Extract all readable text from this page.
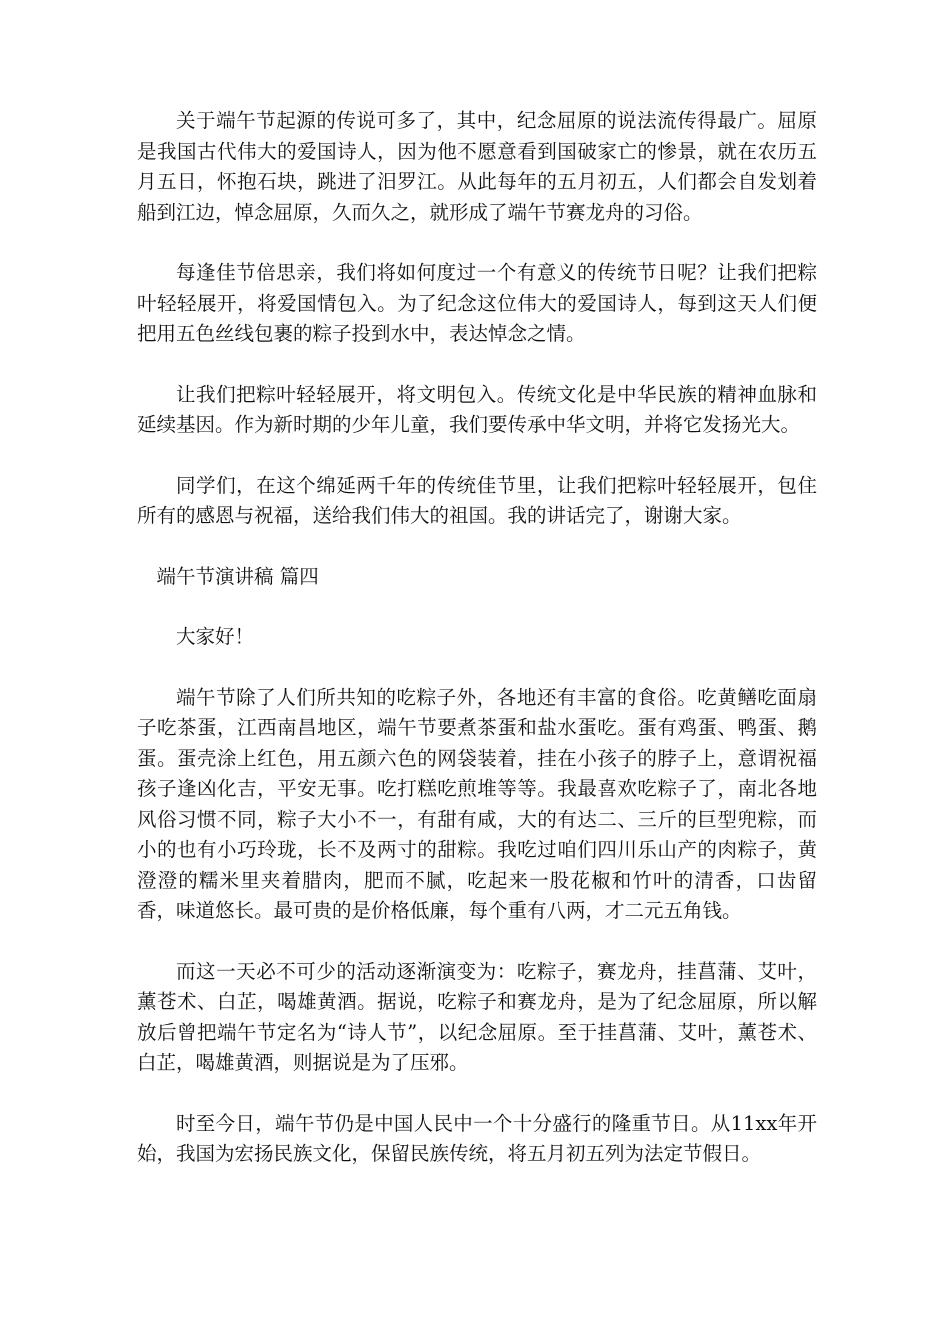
关于端午节起源的传说可多了，其中，纪念屈原的说法流传得最广。屈原是我国古代伟大的爱国诗人，因为他不愿意看到国破家亡的惨景，就在农历五月五日，怀抱石块，跳进了汨罗江。从此每年的五月初五，人们都会自发划着船到江边，悼念屈原，久而久之，就形成了端午节赛龙舟的习俗。

每逢佳节倍思亲，我们将如何度过一个有意义的传统节日呢？让我们把粽叶轻轻展开，将爱国情包入。为了纪念这位伟大的爱国诗人，每到这天人们便把用五色丝线包裹的粽子投到水中，表达悼念之情。

让我们把粽叶轻轻展开，将文明包入。传统文化是中华民族的精神血脉和延续基因。作为新时期的少年儿童，我们要传承中华文明，并将它发扬光大。

同学们，在这个绵延两千年的传统佳节里，让我们把粽叶轻轻展开，包住所有的感恩与祝福，送给我们伟大的祖国。我的讲话完了，谢谢大家。

端午节演讲稿 篇四

大家好！

端午节除了人们所共知的吃粽子外，各地还有丰富的食俗。吃黄鳝吃面扇子吃茶蛋，江西南昌地区，端午节要煮茶蛋和盐水蛋吃。蛋有鸡蛋、鸭蛋、鹅蛋。蛋壳涂上红色，用五颜六色的网袋装着，挂在小孩子的脖子上，意谓祝福孩子逢凶化吉，平安无事。吃打糕吃煎堆等等。我最喜欢吃粽子了，南北各地风俗习惯不同，粽子大小不一，有甜有咸，大的有达二、三斤的巨型兜粽，而小的也有小巧玲珑，长不及两寸的甜粽。我吃过咱们四川乐山产的肉粽子，黄澄澄的糯米里夹着腊肉，肥而不腻，吃起来一股花椒和竹叶的清香，口齿留香，味道悠长。最可贵的是价格低廉，每个重有八两，才二元五角钱。

而这一天必不可少的活动逐渐演变为：吃粽子，赛龙舟，挂菖蒲、艾叶，薰苍术、白芷，喝雄黄酒。据说，吃粽子和赛龙舟，是为了纪念屈原，所以解放后曾把端午节定名为“诗人节”，以纪念屈原。至于挂菖蒲、艾叶，薰苍术、白芷，喝雄黄酒，则据说是为了压邪。

时至今日，端午节仍是中国人民中一个十分盛行的隆重节日。从11xx年开始，我国为宏扬民族文化，保留民族传统，将五月初五列为法定节假日。
